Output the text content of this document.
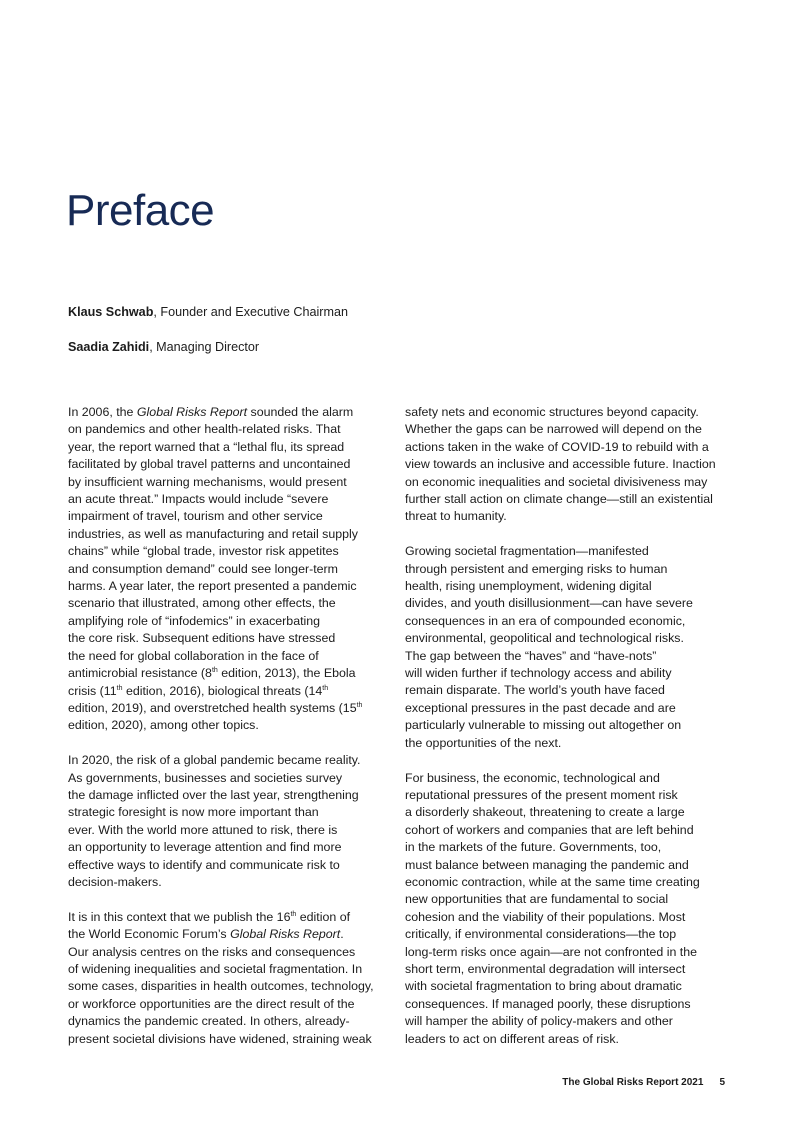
Preface

Klaus Schwab, Founder and Executive Chairman

Saadia Zahidi, Managing Director

In 2006, the Global Risks Report sounded the alarm
on pandemics and other health-related risks. That
year, the report warned that a “lethal flu, its spread
facilitated by global travel patterns and uncontained
by insufficient warning mechanisms, would present
an acute threat.” Impacts would include “severe
impairment of travel, tourism and other service
industries, as well as manufacturing and retail supply
chains” while “global trade, investor risk appetites
and consumption demand” could see longer-term
harms. A year later, the report presented a pandemic
scenario that illustrated, among other effects, the
amplifying role of “infodemics” in exacerbating
the core risk. Subsequent editions have stressed
the need for global collaboration in the face of
antimicrobial resistance (8th edition, 2013), the Ebola
crisis (11th edition, 2016), biological threats (14th
edition, 2019), and overstretched health systems (15th
edition, 2020), among other topics.

In 2020, the risk of a global pandemic became reality.
As governments, businesses and societies survey
the damage inflicted over the last year, strengthening
strategic foresight is now more important than
ever. With the world more attuned to risk, there is
an opportunity to leverage attention and find more
effective ways to identify and communicate risk to
decision-makers.

It is in this context that we publish the 16th edition of
the World Economic Forum’s Global Risks Report.
Our analysis centres on the risks and consequences
of widening inequalities and societal fragmentation. In
some cases, disparities in health outcomes, technology,
or workforce opportunities are the direct result of the
dynamics the pandemic created. In others, already-
present societal divisions have widened, straining weak

safety nets and economic structures beyond capacity.
Whether the gaps can be narrowed will depend on the
actions taken in the wake of COVID-19 to rebuild with a
view towards an inclusive and accessible future. Inaction
on economic inequalities and societal divisiveness may
further stall action on climate change—still an existential
threat to humanity.

Growing societal fragmentation—manifested
through persistent and emerging risks to human
health, rising unemployment, widening digital
divides, and youth disillusionment—can have severe
consequences in an era of compounded economic,
environmental, geopolitical and technological risks.
The gap between the “haves” and “have-nots”
will widen further if technology access and ability
remain disparate. The world’s youth have faced
exceptional pressures in the past decade and are
particularly vulnerable to missing out altogether on
the opportunities of the next.

For business, the economic, technological and
reputational pressures of the present moment risk
a disorderly shakeout, threatening to create a large
cohort of workers and companies that are left behind
in the markets of the future. Governments, too,
must balance between managing the pandemic and
economic contraction, while at the same time creating
new opportunities that are fundamental to social
cohesion and the viability of their populations. Most
critically, if environmental considerations—the top
long-term risks once again—are not confronted in the
short term, environmental degradation will intersect
with societal fragmentation to bring about dramatic
consequences. If managed poorly, these disruptions
will hamper the ability of policy-makers and other
leaders to act on different areas of risk.

The Global Risks Report 2021 5
